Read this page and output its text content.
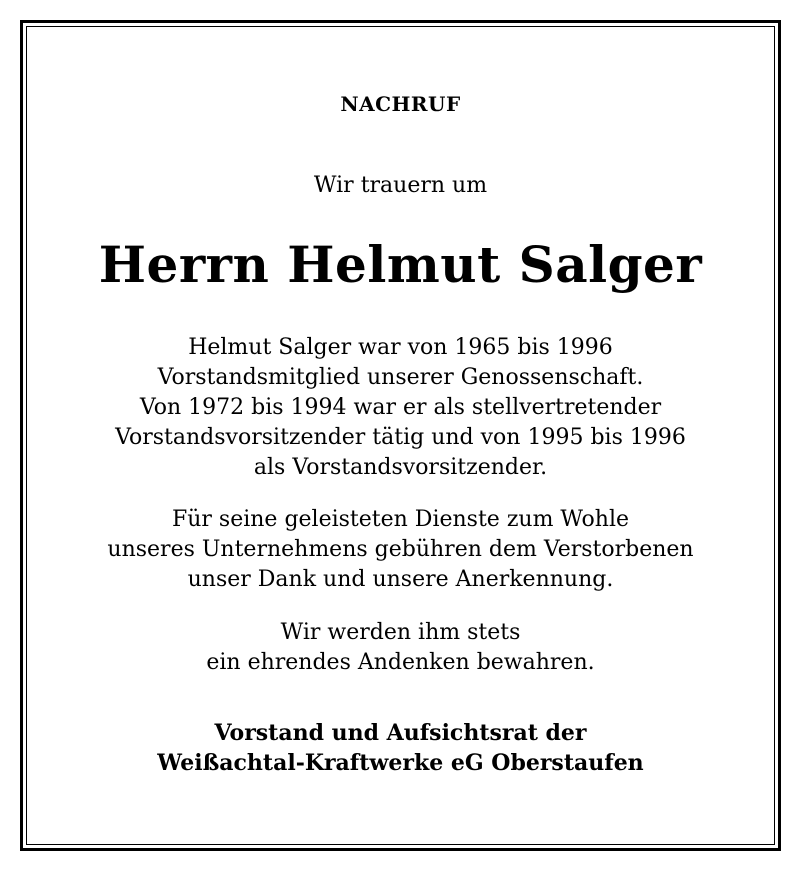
NACHRUF
Wir trauern um
Herrn Helmut Salger
Helmut Salger war von 1965 bis 1996
Vorstandsmitglied unserer Genossenschaft.
Von 1972 bis 1994 war er als stellvertretender
Vorstandsvorsitzender tätig und von 1995 bis 1996
als Vorstandsvorsitzender.
Für seine geleisteten Dienste zum Wohle
unseres Unternehmens gebühren dem Verstorbenen
unser Dank und unsere Anerkennung.
Wir werden ihm stets
ein ehrendes Andenken bewahren.
Vorstand und Aufsichtsrat der
Weißachtal-Kraftwerke eG Oberstaufen
